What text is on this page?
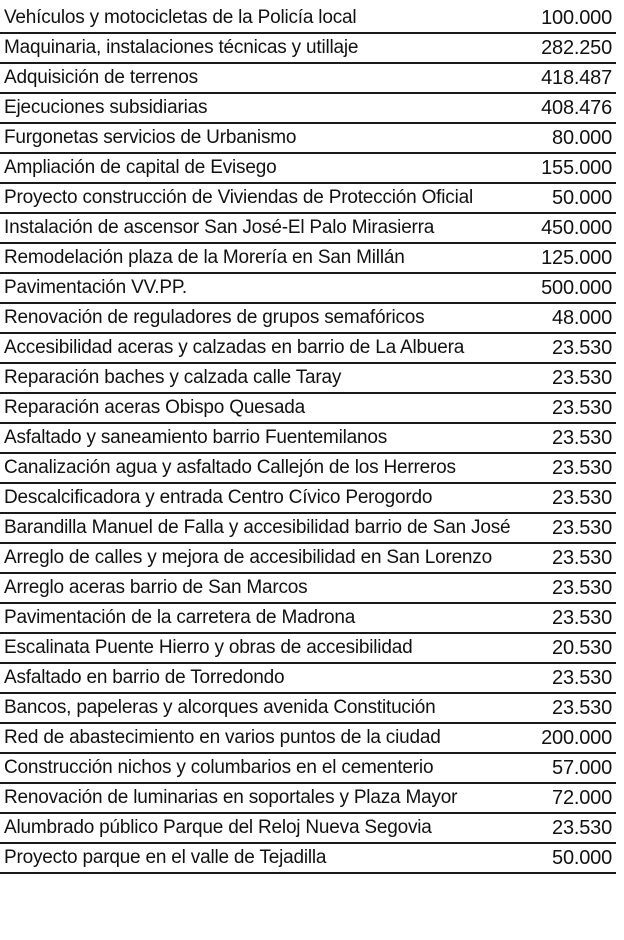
Vehículos y motocicletas de la Policía local	100.000
Maquinaria, instalaciones técnicas y utillaje	282.250
Adquisición de terrenos	418.487
Ejecuciones subsidiarias	408.476
Furgonetas servicios de Urbanismo	80.000
Ampliación de capital de Evisego	155.000
Proyecto construcción de Viviendas de Protección Oficial	50.000
Instalación de ascensor San José-El Palo Mirasierra	450.000
Remodelación plaza de la Morería en San Millán	125.000
Pavimentación VV.PP.	500.000
Renovación de reguladores de grupos semafóricos	48.000
Accesibilidad aceras y calzadas en barrio de La Albuera	23.530
Reparación baches y calzada calle Taray	23.530
Reparación aceras Obispo Quesada	23.530
Asfaltado y saneamiento barrio Fuentemilanos	23.530
Canalización agua y asfaltado Callejón de los Herreros	23.530
Descalcificadora y entrada Centro Cívico Perogordo	23.530
Barandilla Manuel de Falla y accesibilidad barrio de San José 23.530
Arreglo de calles y mejora de accesibilidad en San Lorenzo	23.530
Arreglo aceras barrio de San Marcos	23.530
Pavimentación de la carretera de Madrona	23.530
Escalinata Puente Hierro y obras de accesibilidad	20.530
Asfaltado en barrio de Torredondo	23.530
Bancos, papeleras y alcorques avenida Constitución	23.530
Red de abastecimiento en varios puntos de la ciudad	200.000
Construcción nichos y columbarios en el cementerio	57.000
Renovación de luminarias en soportales y Plaza Mayor	72.000
Alumbrado público Parque del Reloj Nueva Segovia	23.530
Proyecto parque en el valle de Tejadilla	50.000
